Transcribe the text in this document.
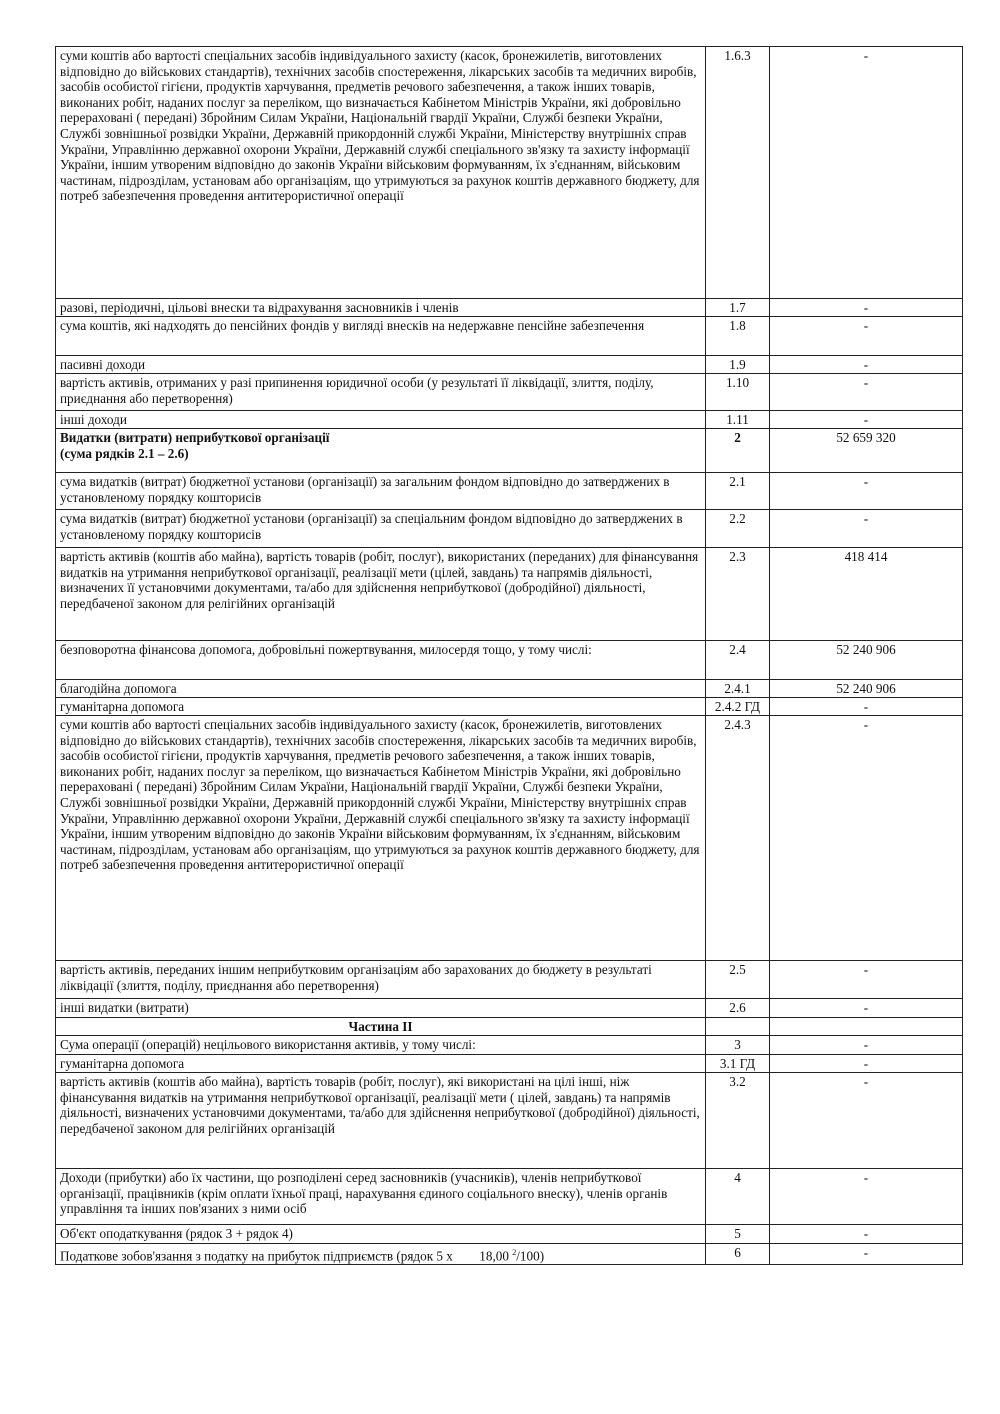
суми коштів або вартості спеціальних засобів індивідуального захисту (касок, бронежилетів, виготовлених відповідно до військових стандартів), технічних засобів спостереження, лікарських засобів та медичних виробів, засобів особистої гігієни, продуктів харчування, предметів речового забезпечення, а також інших товарів, виконаних робіт, наданих послуг за переліком, що визначається Кабінетом Міністрів України, які добровільно перераховані ( передані) Збройним Силам України, Національній гвардії України, Службі безпеки України, Службі зовнішньої розвідки України, Державній прикордонній службі України, Міністерству внутрішніх справ України, Управлінню державної охорони України, Державній службі спеціального зв'язку та захисту інформації України, іншим утвореним відповідно до законів України військовим формуванням, їх з'єднанням, військовим частинам, підрозділам, установам або організаціям, що утримуються за рахунок коштів державного бюджету, для потреб забезпечення проведення антитерористичної операції	1.6.3	-
разові, періодичні, цільові внески та відрахування засновників і членів	1.7	-
сума коштів, які надходять до пенсійних фондів у вигляді внесків на недержавне пенсійне забезпечення	1.8	-
пасивні доходи	1.9	-
вартість активів, отриманих у разі припинення юридичної особи (у результаті її ліквідації, злиття, поділу, приєднання або перетворення)	1.10	-
інші доходи	1.11	-

Видатки (витрати) неприбуткової організації
(сума рядків 2.1 – 2.6)	2	52 659 320
сума видатків (витрат) бюджетної установи (організації) за загальним фондом відповідно до затверджених в установленому порядку кошторисів	2.1	-
сума видатків (витрат) бюджетної установи (організації) за спеціальним фондом відповідно до затверджених в установленому порядку кошторисів	2.2	-
вартість активів (коштів або майна), вартість товарів (робіт, послуг), використаних (переданих) для фінансування видатків на утримання неприбуткової організації, реалізації мети (цілей, завдань) та напрямів діяльності, визначених її установчими документами, та/або для здійснення неприбуткової (добродійної) діяльності, передбаченої законом для релігійних організацій	2.3	418 414
безповоротна фінансова допомога, добровільні пожертвування, милосердя тощо, у тому числі:	2.4	52 240 906
благодійна допомога	2.4.1	52 240 906
гуманітарна допомога	2.4.2 ГД	-
суми коштів або вартості спеціальних засобів індивідуального захисту (касок, бронежилетів, виготовлених відповідно до військових стандартів), технічних засобів спостереження, лікарських засобів та медичних виробів, засобів особистої гігієни, продуктів харчування, предметів речового забезпечення, а також інших товарів, виконаних робіт, наданих послуг за переліком, що визначається Кабінетом Міністрів України, які добровільно перераховані ( передані) Збройним Силам України, Національній гвардії України, Службі безпеки України, Службі зовнішньої розвідки України, Державній прикордонній службі України, Міністерству внутрішніх справ України, Управлінню державної охорони України, Державній службі спеціального зв'язку та захисту інформації України, іншим утвореним відповідно до законів України військовим формуванням, їх з'єднанням, військовим частинам, підрозділам, установам або організаціям, що утримуються за рахунок коштів державного бюджету, для потреб забезпечення проведення антитерористичної операції	2.4.3	-
вартість активів, переданих іншим неприбутковим організаціям або зарахованих до бюджету в результаті ліквідації (злиття, поділу, приєднання або перетворення)	2.5	-
інші видатки (витрати)	2.6	-
Частина II		
Сума операції (операцій) нецільового використання активів, у тому числі:	3	-
гуманітарна допомога	3.1 ГД	-
вартість активів (коштів або майна), вартість товарів (робіт, послуг), які використані на цілі інші, ніж фінансування видатків на утримання неприбуткової організації, реалізації мети ( цілей, завдань) та напрямів діяльності, визначених установчими документами, та/або для здійснення неприбуткової (добродійної) діяльності, передбаченої законом для релігійних організацій	3.2	-
Доходи (прибутки) або їх частини, що розподілені серед засновників (учасників), членів неприбуткової організації, працівників (крім оплати їхньої праці, нарахування єдиного соціального внеску), членів органів управління та інших пов'язаних з ними осіб	4	-
Об'єкт оподаткування (рядок 3 + рядок 4)	5	-
Податкове зобов'язання з податку на прибуток підприємств (рядок 5 х 18,00 $^2$/100)	6	-
